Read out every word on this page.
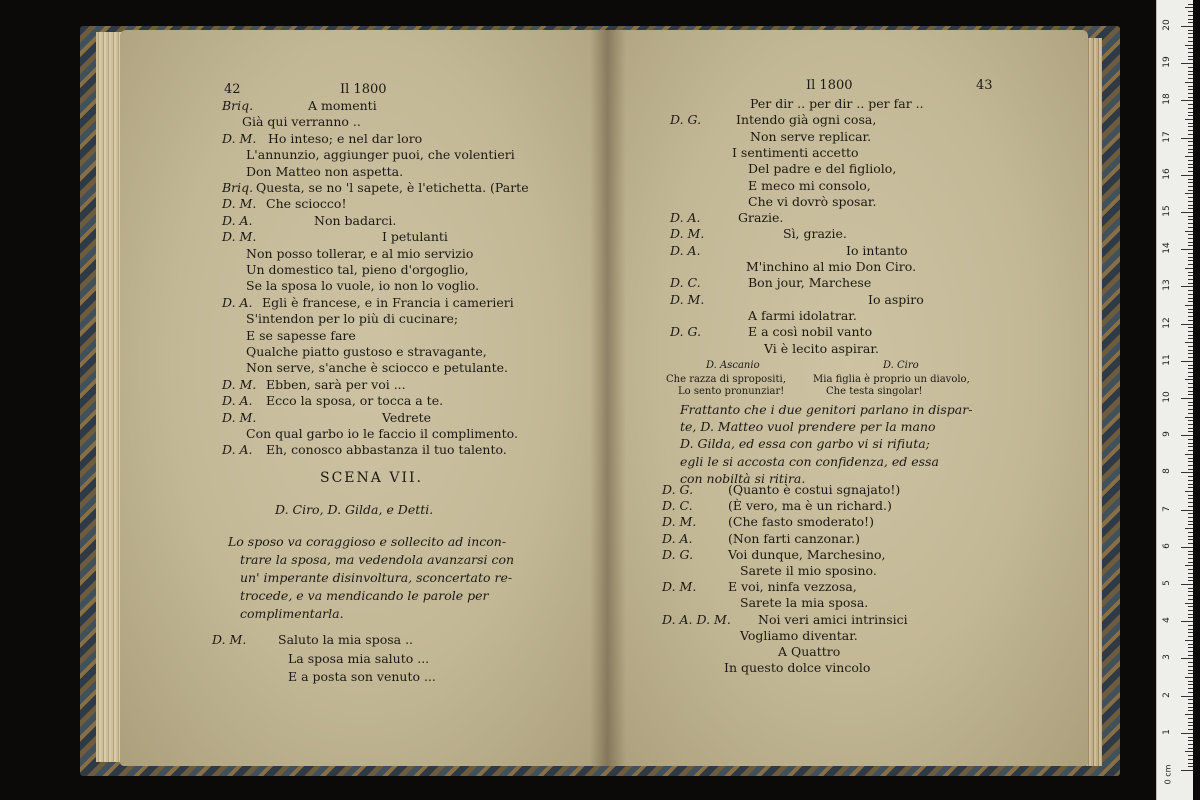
42	Il 1800
Briq.	A momenti
Già qui verranno ..
D. M. Ho inteso; e nel dar loro
L'annunzio, aggiunger puoi, che volentieri
Don Matteo non aspetta.
Briq. Questa, se no 'l sapete, è l'etichetta. (Parte
D. M. Che sciocco!
D. A.	Non badarci.
D. M.	I petulanti
Non posso tollerar, e al mio servizio
Un domestico tal, pieno d'orgoglio,
Se la sposa lo vuole, io non lo voglio.
D. A. Egli è francese, e in Francia i camerieri
S'intendon per lo più di cucinare;
E se sapesse fare
Qualche piatto gustoso e stravagante,
Non serve, s'anche è sciocco e petulante.
D. M. Ebben, sarà per voi ...
D. A. Ecco la sposa, or tocca a te.
D. M.	Vedrete
Con qual garbo io le faccio il complimento.
D. A. Eh, conosco abbastanza il tuo talento.
SCENA VII.
D. Ciro, D. Gilda, e Detti.
Lo sposo va coraggioso e sollecito ad incon-
trare la sposa, ma vedendola avanzarsi con
un' imperante disinvoltura, sconcertato re-
trocede, e va mendicando le parole per
complimentarla.
D. M.	Saluto la mia sposa ..
La sposa mia saluto ...
E a posta son venuto ...
Il 1800	43
Per dir .. per dir .. per far ..
D. G.	Intendo già ogni cosa,
Non serve replicar.
I sentimenti accetto
Del padre e del figliolo,
E meco mi consolo,
Che vi dovrò sposar.
D. A.	Grazie.
D. M.	Sì, grazie.
D. A.	Io intanto
M'inchino al mio Don Ciro.
D. C.	Bon jour, Marchese
D. M.	Io aspiro
A farmi idolatrar.
D. G.	E a così nobil vanto
Vi è lecito aspirar.
D. Ascanio	D. Ciro
Che razza di spropositi,
Lo sento pronunziar!
Mia figlia è proprio un diavolo,
Che testa singolar!
Frattanto che i due genitori parlano in dispar-
te, D. Matteo vuol prendere per la mano
D. Gilda, ed essa con garbo vi si rifiuta;
egli le si accosta con confidenza, ed essa
con nobiltà si ritira.
D. G.	(Quanto è costui sgnajato!)
D. C.	(È vero, ma è un richard.)
D. M.	(Che fasto smoderato!)
D. A.	(Non farti canzonar.)
D. G.	Voi dunque, Marchesino,
Sarete il mio sposino.
D. M.	E voi, ninfa vezzosa,
Sarete la mia sposa.
D. A. D. M. Noi veri amici intrinsici
Vogliamo diventar.
A Quattro
In questo dolce vincolo
0 cm
1
2
3
4
5
6
7
8
9
10
11
12
13
14
15
16
17
18
19
20
